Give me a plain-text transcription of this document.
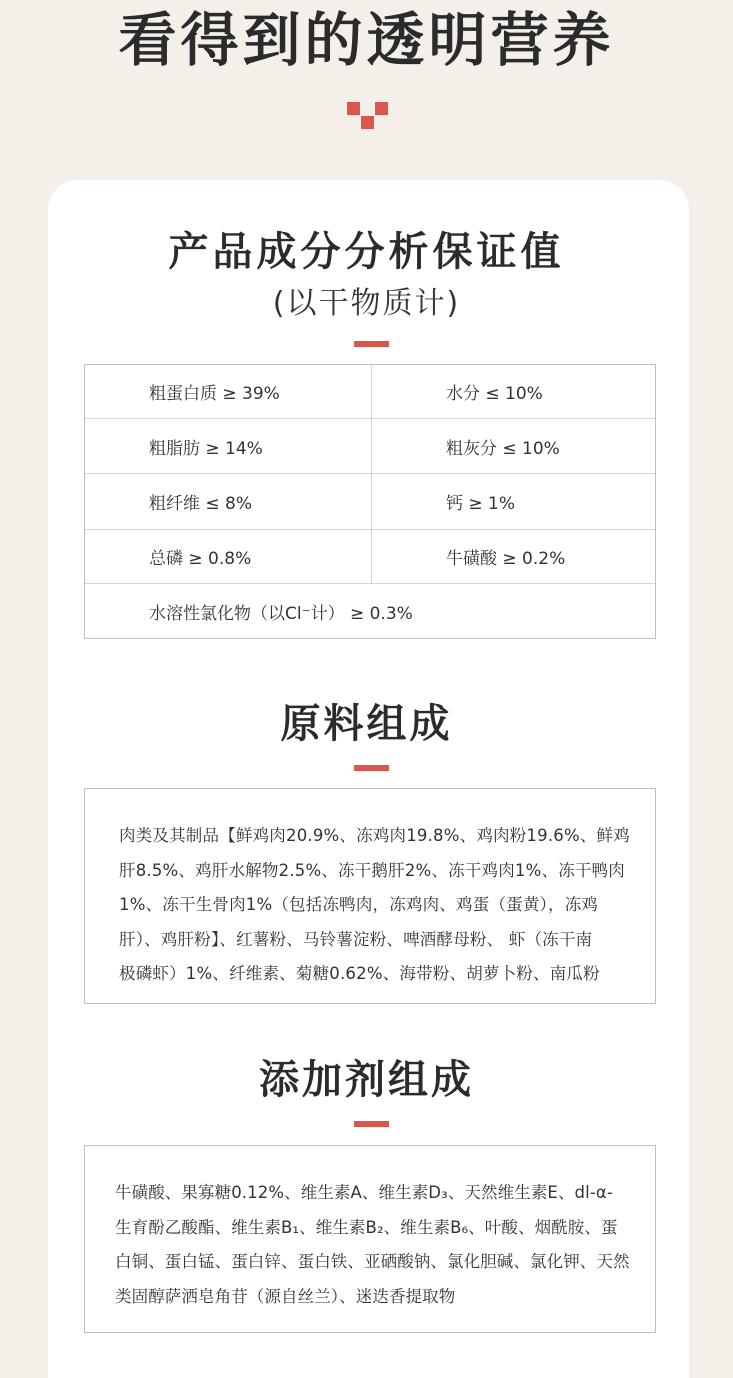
看得到的透明营养
产品成分分析保证值
(以干物质计)
粗蛋白质 ≥ 39%	水分 ≤ 10%
粗脂肪 ≥ 14%	粗灰分 ≤ 10%
粗纤维 ≤ 8%	钙 ≥ 1%
总磷 ≥ 0.8%	牛磺酸 ≥ 0.2%
水溶性氯化物（以Cl⁻计） ≥ 0.3%
原料组成

肉类及其制品【鲜鸡肉20.9%、冻鸡肉19.8%、鸡肉粉19.6%、鲜鸡
肝8.5%、鸡肝水解物2.5%、冻干鹅肝2%、冻干鸡肉1%、冻干鸭肉
1%、冻干生骨肉1%（包括冻鸭肉，冻鸡肉、鸡蛋（蛋黄），冻鸡
肝）、鸡肝粉】、红薯粉、马铃薯淀粉、啤酒酵母粉、 虾（冻干南
极磷虾）1%、纤维素、菊糖0.62%、海带粉、胡萝卜粉、南瓜粉

添加剂组成

牛磺酸、果寡糖0.12%、维生素A、维生素D₃、天然维生素E、dl-α-
生育酚乙酸酯、维生素B₁、维生素B₂、维生素B₆、叶酸、烟酰胺、蛋
白铜、蛋白锰、蛋白锌、蛋白铁、亚硒酸钠、氯化胆碱、氯化钾、天然
类固醇萨洒皂角苷（源自丝兰）、迷迭香提取物
